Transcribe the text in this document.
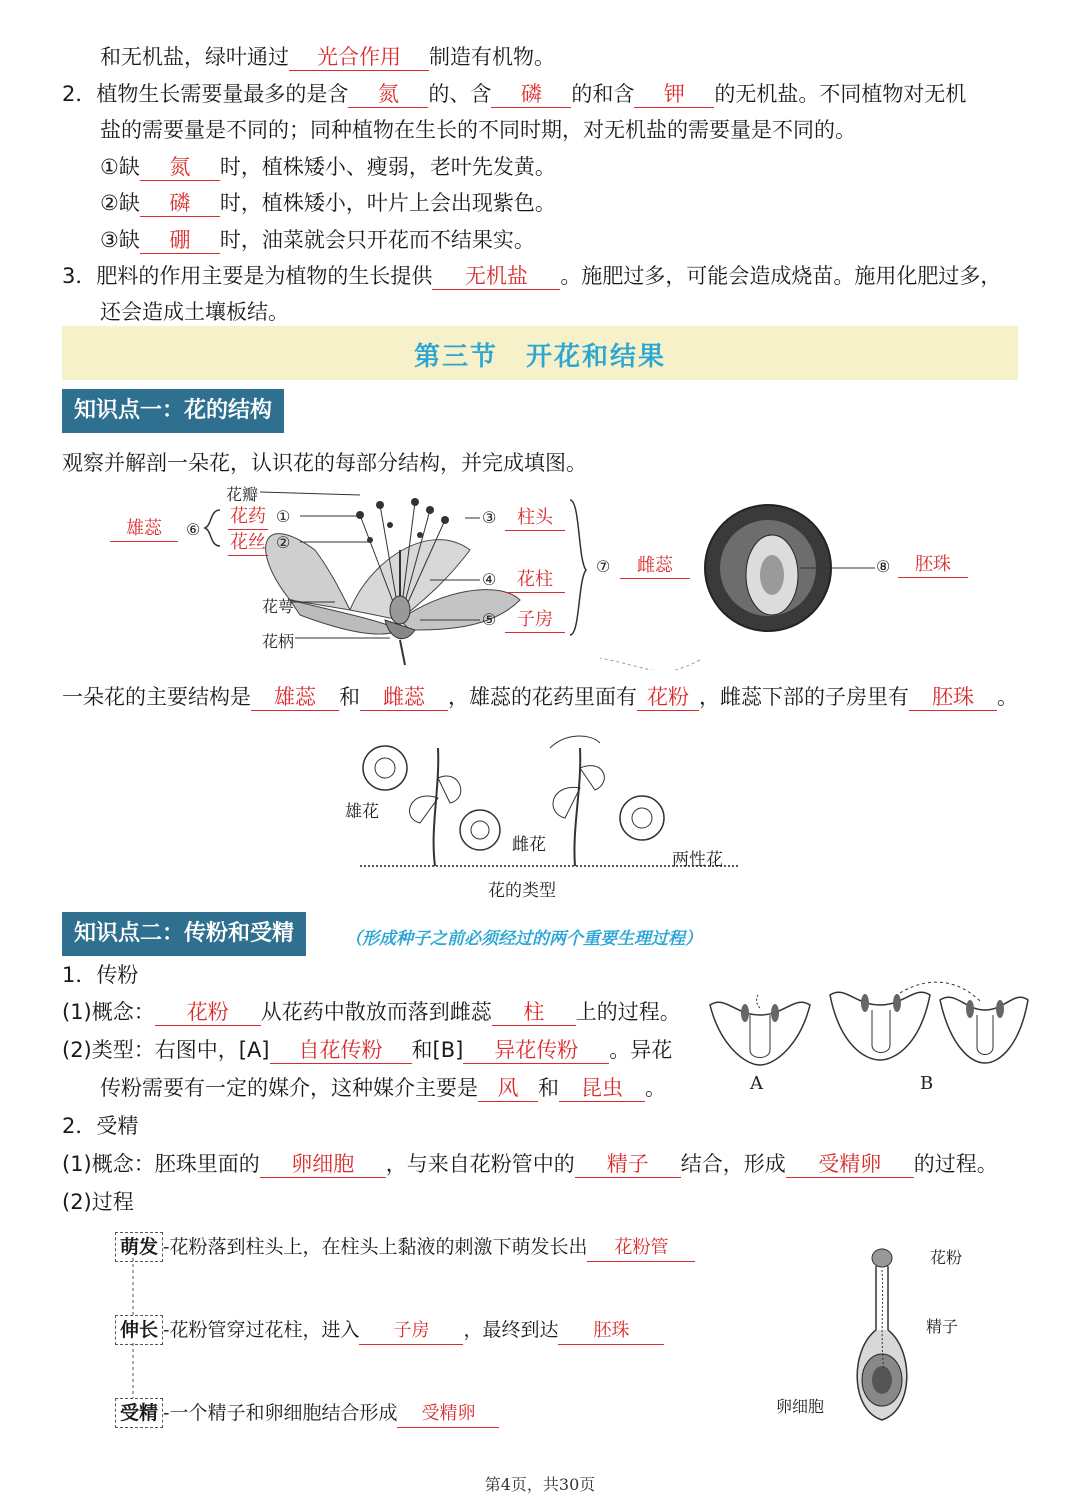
和无机盐，绿叶通过 光合作用 制造有机物。
2．植物生长需要量最多的是含 氮 的、含 磷 的和含 钾 的无机盐。不同植物对无机
盐的需要量是不同的；同种植物在生长的不同时期，对无机盐的需要量是不同的。
①缺 氮 时，植株矮小、瘦弱，老叶先发黄。
②缺 磷 时，植株矮小，叶片上会出现紫色。
③缺 硼 时，油菜就会只开花而不结果实。
3．肥料的作用主要是为植物的生长提供 无机盐 。施肥过多，可能会造成烧苗。施用化肥过多，
还会造成土壤板结。
第三节　开花和结果
知识点一：花的结构
观察并解剖一朵花，认识花的每部分结构，并完成填图。
花瓣
花药 ①
花丝 ②
雄蕊	⑥
③	柱头
④	花柱
⑤	子房
⑦	雌蕊	⑧	胚珠
花萼
花柄
一朵花的主要结构是 雄蕊 和 雌蕊 ，雄蕊的花药里面有 花粉 ，雌蕊下部的子房里有 胚珠 。
雄花
雌花
两性花
花的类型
知识点二：传粉和受精	（形成种子之前必须经过的两个重要生理过程）
1．传粉
(1)概念： 花粉 从花药中散放而落到雌蕊 柱 上的过程。
(2)类型：右图中，[A] 自花传粉 和[B] 异花传粉 。异花
传粉需要有一定的媒介，这种媒介主要是 风 和 昆虫 。	A	B
2．受精
(1)概念：胚珠里面的 卵细胞 ，与来自花粉管中的 精子 结合，形成 受精卵 的过程。
(2)过程
萌发 -花粉落到柱头上，在柱头上黏液的刺激下萌发长出 花粉管
伸长 -花粉管穿过花柱，进入 子房 ，最终到达 胚珠
受精 -一个精子和卵细胞结合形成 受精卵
花粉
精子
卵细胞
第4页，共30页
